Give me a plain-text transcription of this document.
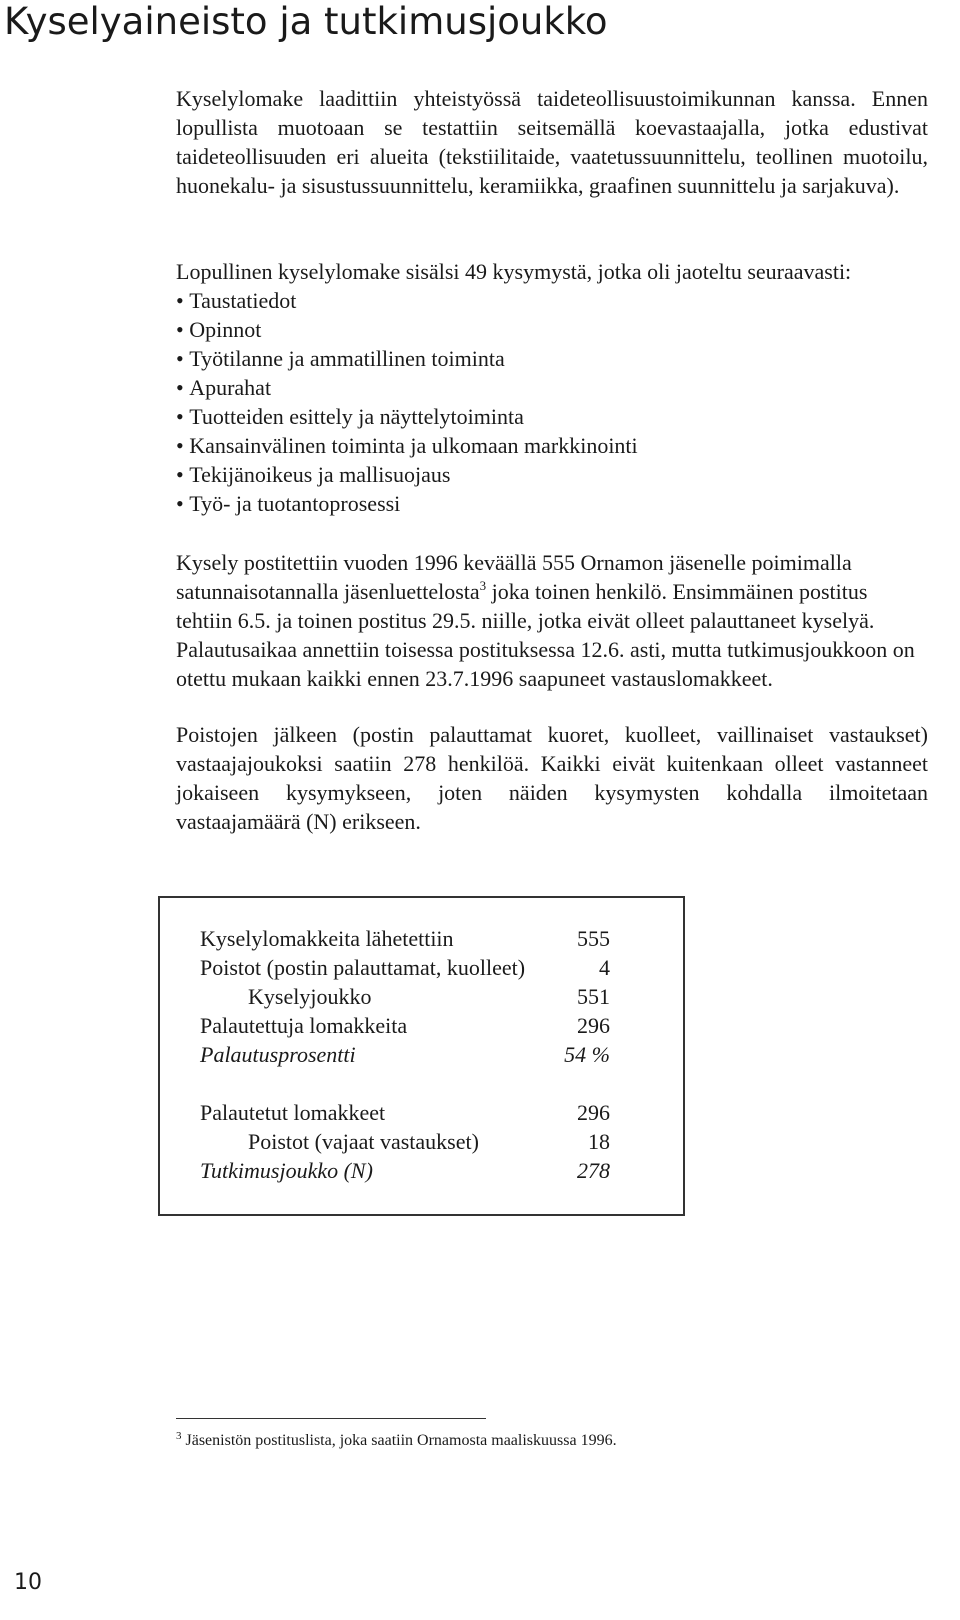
Kyselyaineisto ja tutkimusjoukko

Kyselylomake laadittiin yhteistyössä taideteollisuustoimikunnan kanssa. Ennen lopullista muotoaan se testattiin seitsemällä koevastaajalla, jotka edustivat taideteollisuuden eri alueita (tekstiilitaide, vaatetussuunnittelu, teollinen muotoilu, huonekalu- ja sisustussuunnittelu, keramiikka, graafinen suunnittelu ja sarjakuva).

Lopullinen kyselylomake sisälsi 49 kysymystä, jotka oli jaoteltu seuraavasti:

• Taustatiedot
• Opinnot
• Työtilanne ja ammatillinen toiminta
• Apurahat
• Tuotteiden esittely ja näyttelytoiminta
• Kansainvälinen toiminta ja ulkomaan markkinointi
• Tekijänoikeus ja mallisuojaus
• Työ- ja tuotantoprosessi

Kysely postitettiin vuoden 1996 keväällä 555 Ornamon jäsenelle poimimalla satunnaisotannalla jäsenluettelosta$^3$ joka toinen henkilö. Ensimmäinen postitus tehtiin 6.5. ja toinen postitus 29.5. niille, jotka eivät olleet palauttaneet kyselyä. Palautusaikaa annettiin toisessa postituksessa 12.6. asti, mutta tutkimusjoukkoon on otettu mukaan kaikki ennen 23.7.1996 saapuneet vastauslomakkeet.

Poistojen jälkeen (postin palauttamat kuoret, kuolleet, vaillinaiset vastaukset) vastaajajoukoksi saatiin 278 henkilöä. Kaikki eivät kuitenkaan olleet vastanneet jokaiseen kysymykseen, joten näiden kysymysten kohdalla ilmoitetaan vastaajamäärä (N) erikseen.

Kyselylomakkeita lähetettiin	555
Poistot (postin palauttamat, kuolleet)	4
Kyselyjoukko	551
Palautettuja lomakkeita	296
Palautusprosentti	54 %
Palautetut lomakkeet	296
Poistot (vajaat vastaukset)	18
Tutkimusjoukko (N)	278

$^3$ Jäsenistön postituslista, joka saatiin Ornamosta maaliskuussa 1996.

10
